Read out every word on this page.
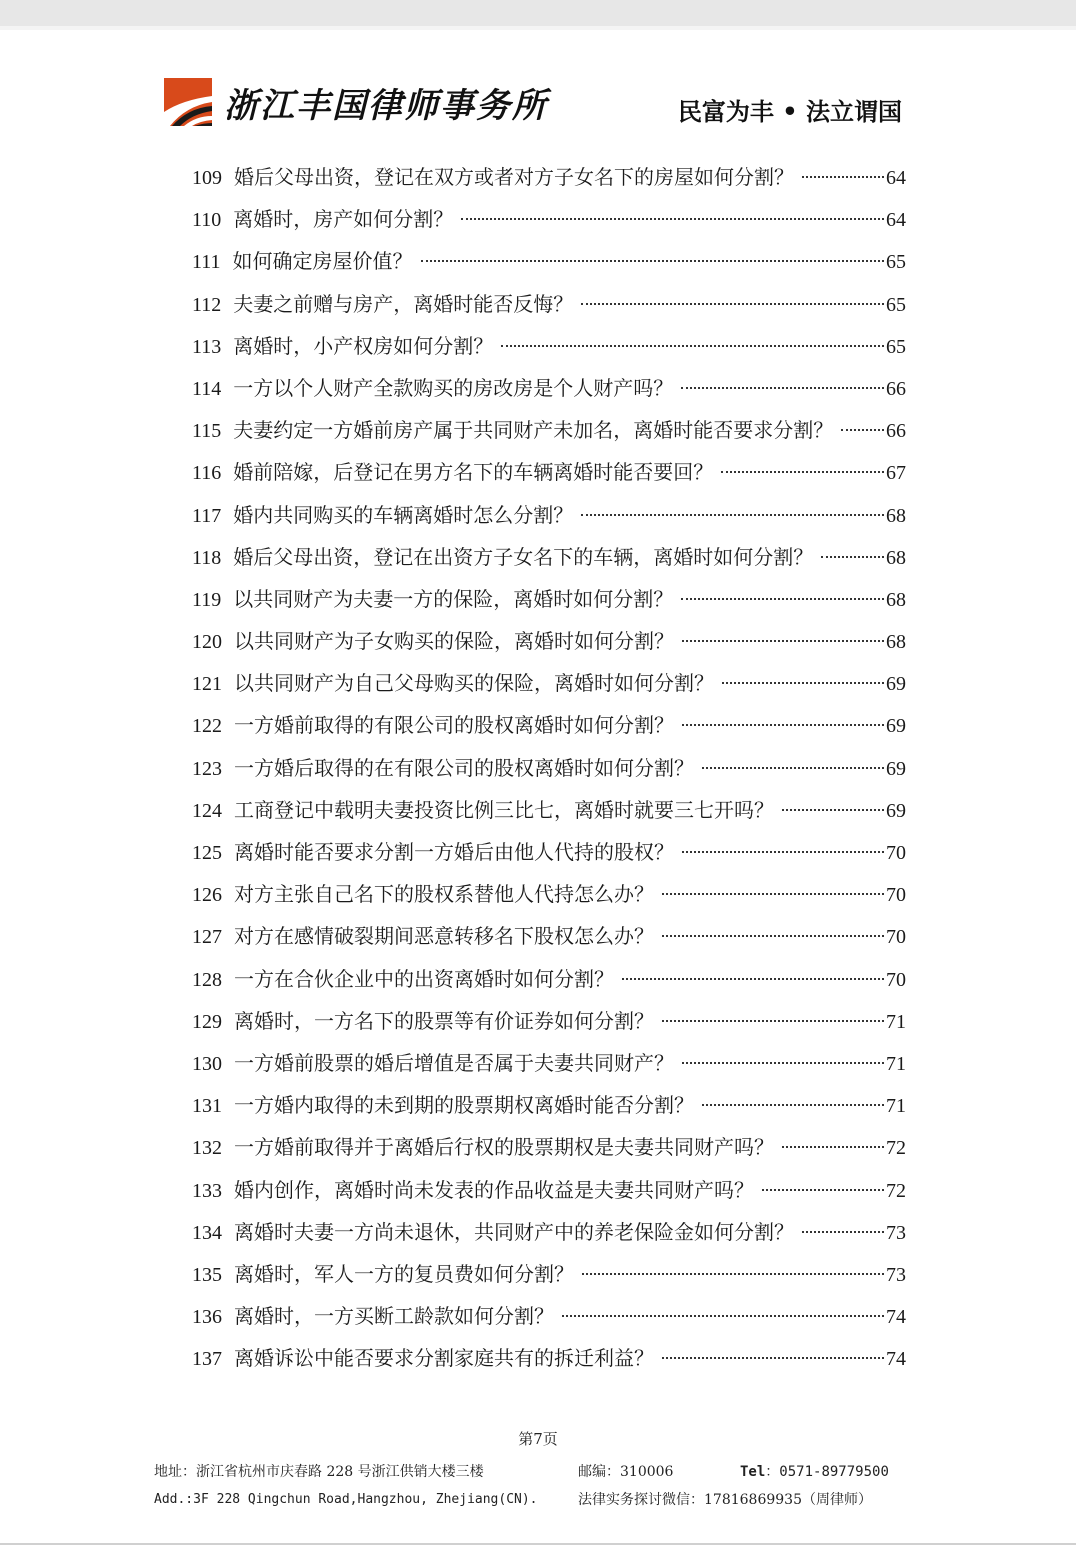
浙江丰国律师事务所	民富为丰 • 法立谓国
109 婚后父母出资，登记在双方或者对方子女名下的房屋如何分割？	64
110 离婚时，房产如何分割？	64
111 如何确定房屋价值？	65
112 夫妻之前赠与房产，离婚时能否反悔？	65
113 离婚时，小产权房如何分割？	65
114 一方以个人财产全款购买的房改房是个人财产吗？	66
115 夫妻约定一方婚前房产属于共同财产未加名，离婚时能否要求分割？	66
116 婚前陪嫁，后登记在男方名下的车辆离婚时能否要回？	67
117 婚内共同购买的车辆离婚时怎么分割？	68
118 婚后父母出资，登记在出资方子女名下的车辆，离婚时如何分割？	68
119 以共同财产为夫妻一方的保险，离婚时如何分割？	68
120 以共同财产为子女购买的保险，离婚时如何分割？	68
121 以共同财产为自己父母购买的保险，离婚时如何分割？	69
122 一方婚前取得的有限公司的股权离婚时如何分割？	69
123 一方婚后取得的在有限公司的股权离婚时如何分割？	69
124 工商登记中载明夫妻投资比例三比七，离婚时就要三七开吗？	69
125 离婚时能否要求分割一方婚后由他人代持的股权？	70
126 对方主张自己名下的股权系替他人代持怎么办？	70
127 对方在感情破裂期间恶意转移名下股权怎么办？	70
128 一方在合伙企业中的出资离婚时如何分割？	70
129 离婚时，一方名下的股票等有价证券如何分割？	71
130 一方婚前股票的婚后增值是否属于夫妻共同财产？	71
131 一方婚内取得的未到期的股票期权离婚时能否分割？	71
132 一方婚前取得并于离婚后行权的股票期权是夫妻共同财产吗？	72
133 婚内创作，离婚时尚未发表的作品收益是夫妻共同财产吗？	72
134 离婚时夫妻一方尚未退休，共同财产中的养老保险金如何分割？	73
135 离婚时，军人一方的复员费如何分割？	73
136 离婚时，一方买断工龄款如何分割？	74
137 离婚诉讼中能否要求分割家庭共有的拆迁利益？	74
第7页
地址：浙江省杭州市庆春路 228 号浙江供销大楼三楼	邮编：310006	Tel：0571-89779500
Add.:3F 228 Qingchun Road,Hangzhou, Zhejiang(CN).	法律实务探讨微信：17816869935（周律师）
